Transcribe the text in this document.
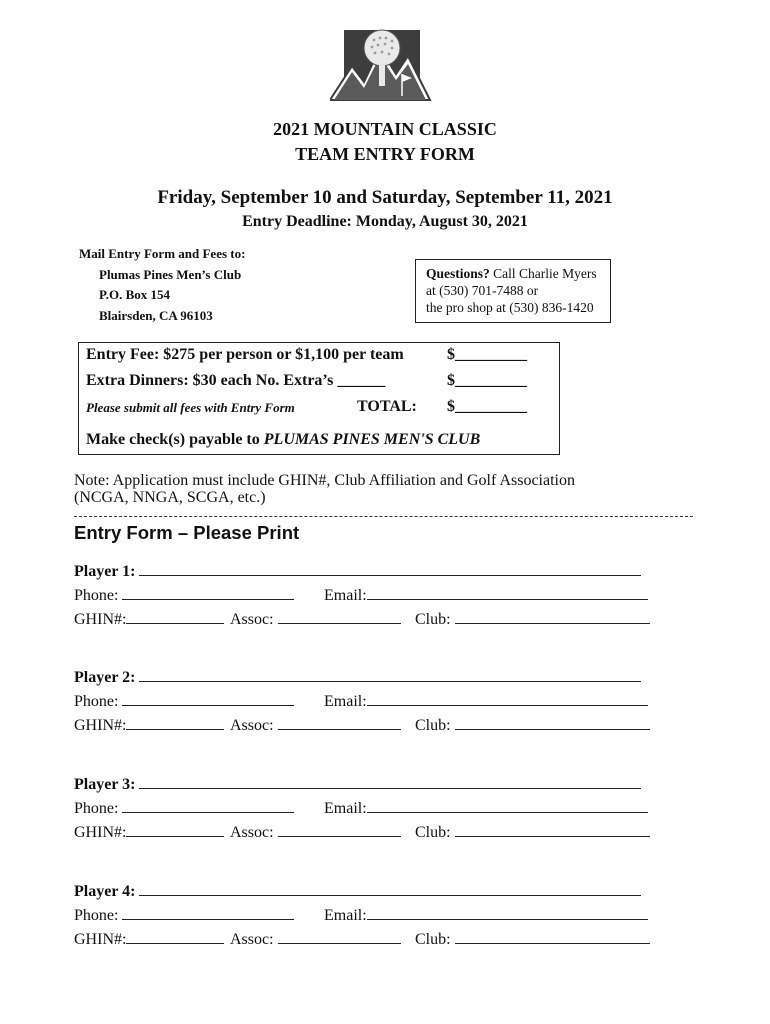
2021 MOUNTAIN CLASSIC
TEAM ENTRY FORM
Friday, September 10 and Saturday, September 11, 2021
Entry Deadline: Monday, August 30, 2021
Mail Entry Form and Fees to:
Plumas Pines Men’s Club
P.O. Box 154
Blairsden, CA 96103
Questions? Call Charlie Myers
at (530) 701-7488 or
the pro shop at (530) 836-1420
Entry Fee: $275 per person or $1,100 per team	$_________
Extra Dinners: $30 each No. Extra’s ______	$_________
Please submit all fees with Entry Form	TOTAL: $_________
Make check(s) payable to PLUMAS PINES MEN'S CLUB
Note: Application must include GHIN#, Club Affiliation and Golf Association
(NCGA, NNGA, SCGA, etc.)
Entry Form – Please Print
Player 1:
Phone:	Email:
GHIN#:	Assoc:	Club:
Player 2:
Phone:	Email:
GHIN#:	Assoc:	Club:
Player 3:
Phone:	Email:
GHIN#:	Assoc:	Club:
Player 4:
Phone:	Email:
GHIN#:	Assoc:	Club:
